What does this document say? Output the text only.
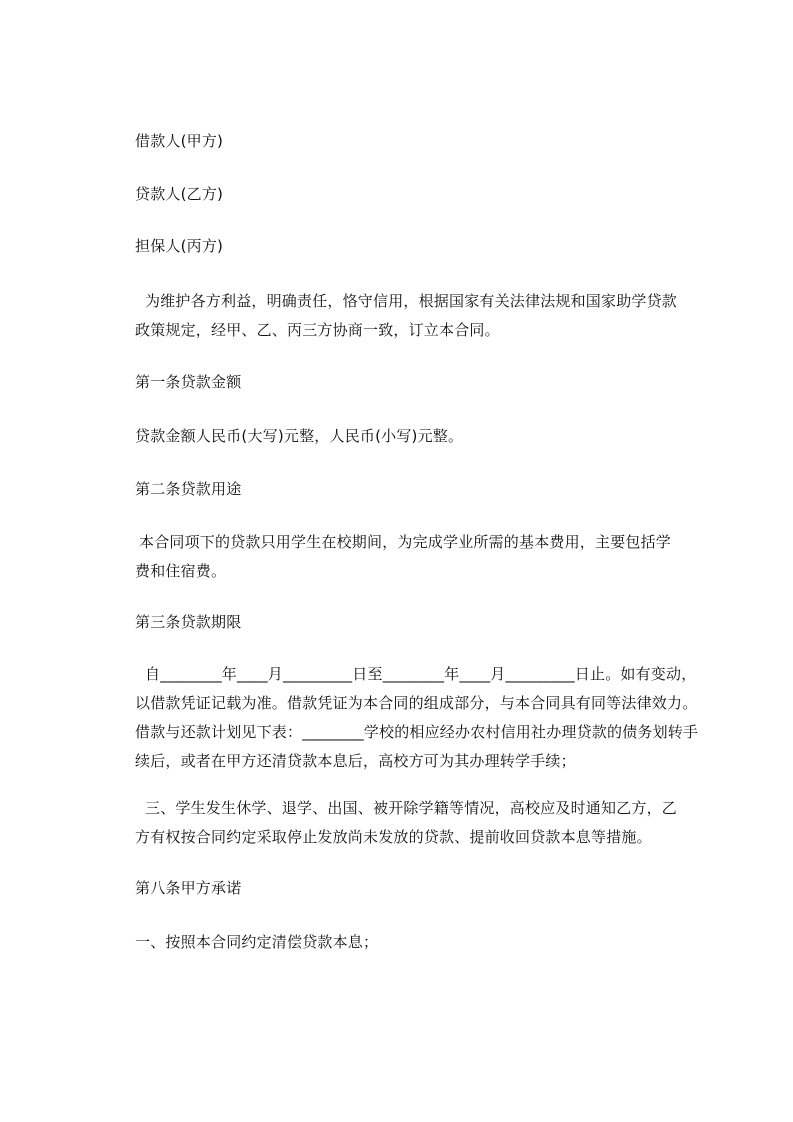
借款人(甲方)
贷款人(乙方)
担保人(丙方)
为维护各方利益，明确责任，恪守信用，根据国家有关法律法规和国家助学贷款
政策规定，经甲、乙、丙三方协商一致，订立本合同。
第一条贷款金额
贷款金额人民币(大写)元整，人民币(小写)元整。
第二条贷款用途
本合同项下的贷款只用学生在校期间，为完成学业所需的基本费用，主要包括学
费和住宿费。
第三条贷款期限
自________年____月_________日至________年____月_________日止。如有变动，
以借款凭证记载为准。借款凭证为本合同的组成部分，与本合同具有同等法律效力。
借款与还款计划见下表：________学校的相应经办农村信用社办理贷款的债务划转手
续后，或者在甲方还清贷款本息后，高校方可为其办理转学手续；
三、学生发生休学、退学、出国、被开除学籍等情况，高校应及时通知乙方，乙
方有权按合同约定采取停止发放尚未发放的贷款、提前收回贷款本息等措施。
第八条甲方承诺
一、按照本合同约定清偿贷款本息；
